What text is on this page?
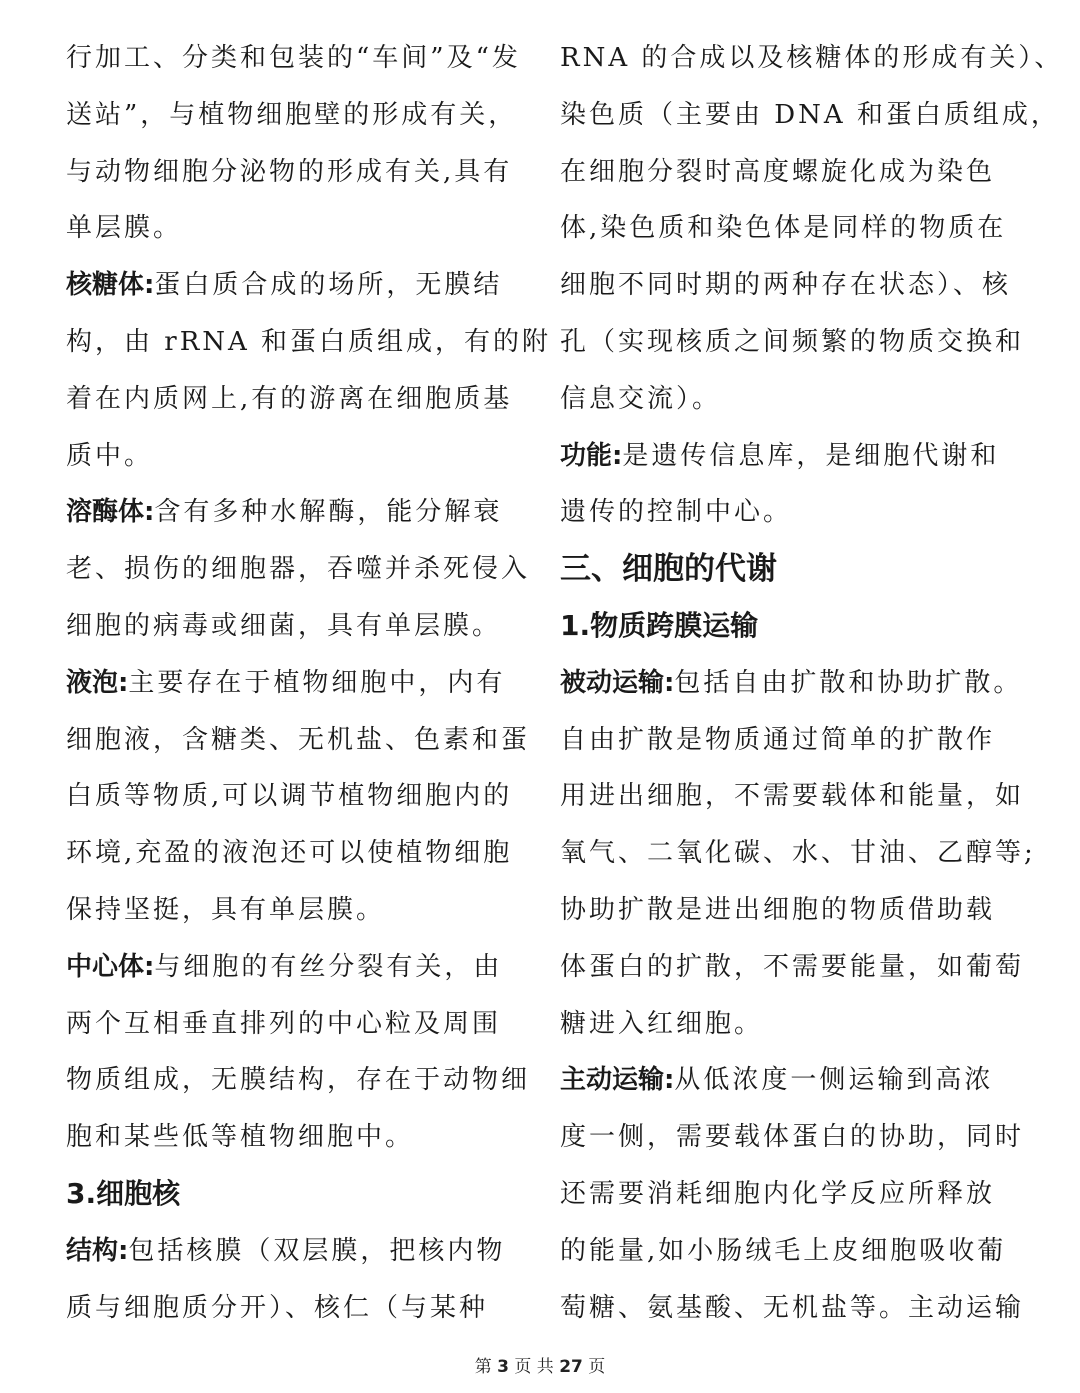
行加工、分类和包装的“车间”及“发
送站”，与植物细胞壁的形成有关，
与动物细胞分泌物的形成有关,具有
单层膜。
核糖体:蛋白质合成的场所，无膜结
构，由 rRNA 和蛋白质组成，有的附
着在内质网上,有的游离在细胞质基
质中。
溶酶体:含有多种水解酶，能分解衰
老、损伤的细胞器，吞噬并杀死侵入
细胞的病毒或细菌，具有单层膜。
液泡:主要存在于植物细胞中，内有
细胞液，含糖类、无机盐、色素和蛋
白质等物质,可以调节植物细胞内的
环境,充盈的液泡还可以使植物细胞
保持坚挺，具有单层膜。
中心体:与细胞的有丝分裂有关，由
两个互相垂直排列的中心粒及周围
物质组成，无膜结构，存在于动物细
胞和某些低等植物细胞中。
3.细胞核
结构:包括核膜（双层膜，把核内物
质与细胞质分开）、核仁（与某种
RNA 的合成以及核糖体的形成有关）、
染色质（主要由 DNA 和蛋白质组成，
在细胞分裂时高度螺旋化成为染色
体,染色质和染色体是同样的物质在
细胞不同时期的两种存在状态）、核
孔（实现核质之间频繁的物质交换和
信息交流）。
功能:是遗传信息库，是细胞代谢和
遗传的控制中心。
三、细胞的代谢
1.物质跨膜运输
被动运输:包括自由扩散和协助扩散。
自由扩散是物质通过简单的扩散作
用进出细胞，不需要载体和能量，如
氧气、二氧化碳、水、甘油、乙醇等;
协助扩散是进出细胞的物质借助载
体蛋白的扩散，不需要能量，如葡萄
糖进入红细胞。
主动运输:从低浓度一侧运输到高浓
度一侧，需要载体蛋白的协助，同时
还需要消耗细胞内化学反应所释放
的能量,如小肠绒毛上皮细胞吸收葡
萄糖、氨基酸、无机盐等。主动运输
第 3 页 共 27 页
